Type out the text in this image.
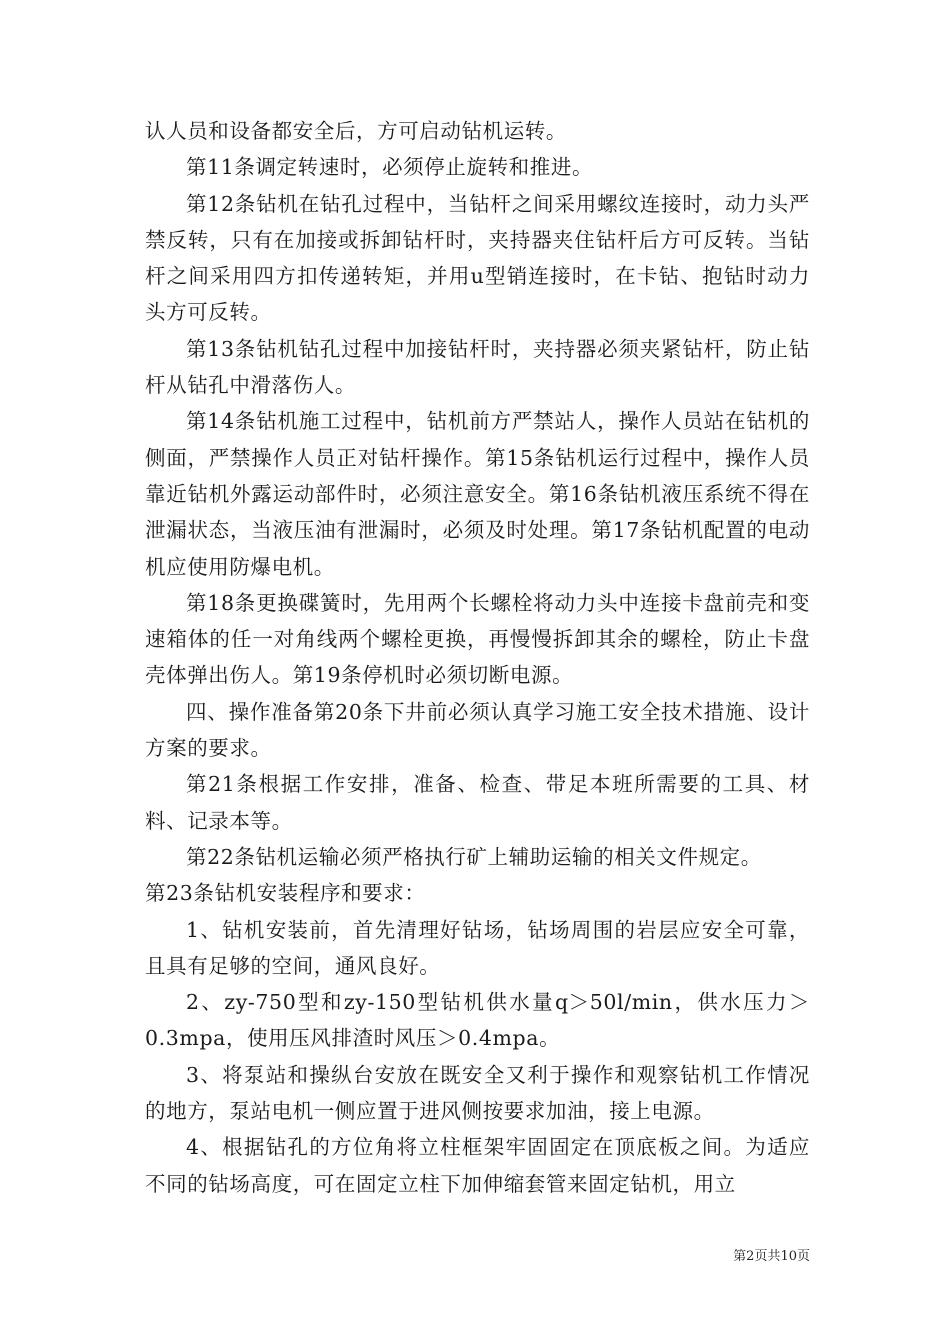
认人员和设备都安全后，方可启动钻机运转。

第11条调定转速时，必须停止旋转和推进。

第12条钻机在钻孔过程中，当钻杆之间采用螺纹连接时，动力头严禁反转，只有在加接或拆卸钻杆时，夹持器夹住钻杆后方可反转。当钻杆之间采用四方扣传递转矩，并用u型销连接时，在卡钻、抱钻时动力头方可反转。

第13条钻机钻孔过程中加接钻杆时，夹持器必须夹紧钻杆，防止钻杆从钻孔中滑落伤人。

第14条钻机施工过程中，钻机前方严禁站人，操作人员站在钻机的侧面，严禁操作人员正对钻杆操作。第15条钻机运行过程中，操作人员靠近钻机外露运动部件时，必须注意安全。第16条钻机液压系统不得在泄漏状态，当液压油有泄漏时，必须及时处理。第17条钻机配置的电动机应使用防爆电机。

第18条更换碟簧时，先用两个长螺栓将动力头中连接卡盘前壳和变速箱体的任一对角线两个螺栓更换，再慢慢拆卸其余的螺栓，防止卡盘壳体弹出伤人。第19条停机时必须切断电源。

四、操作准备第20条下井前必须认真学习施工安全技术措施、设计方案的要求。

第21条根据工作安排，准备、检查、带足本班所需要的工具、材料、记录本等。

第22条钻机运输必须严格执行矿上辅助运输的相关文件规定。

第23条钻机安装程序和要求：

1、钻机安装前，首先清理好钻场，钻场周围的岩层应安全可靠，且具有足够的空间，通风良好。

2、zy-750型和zy-150型钻机供水量q＞50l/min，供水压力＞0.3mpa，使用压风排渣时风压＞0.4mpa。

3、将泵站和操纵台安放在既安全又利于操作和观察钻机工作情况的地方，泵站电机一侧应置于进风侧按要求加油，接上电源。

4、根据钻孔的方位角将立柱框架牢固固定在顶底板之间。为适应不同的钻场高度，可在固定立柱下加伸缩套管来固定钻机，用立

第2页共10页
